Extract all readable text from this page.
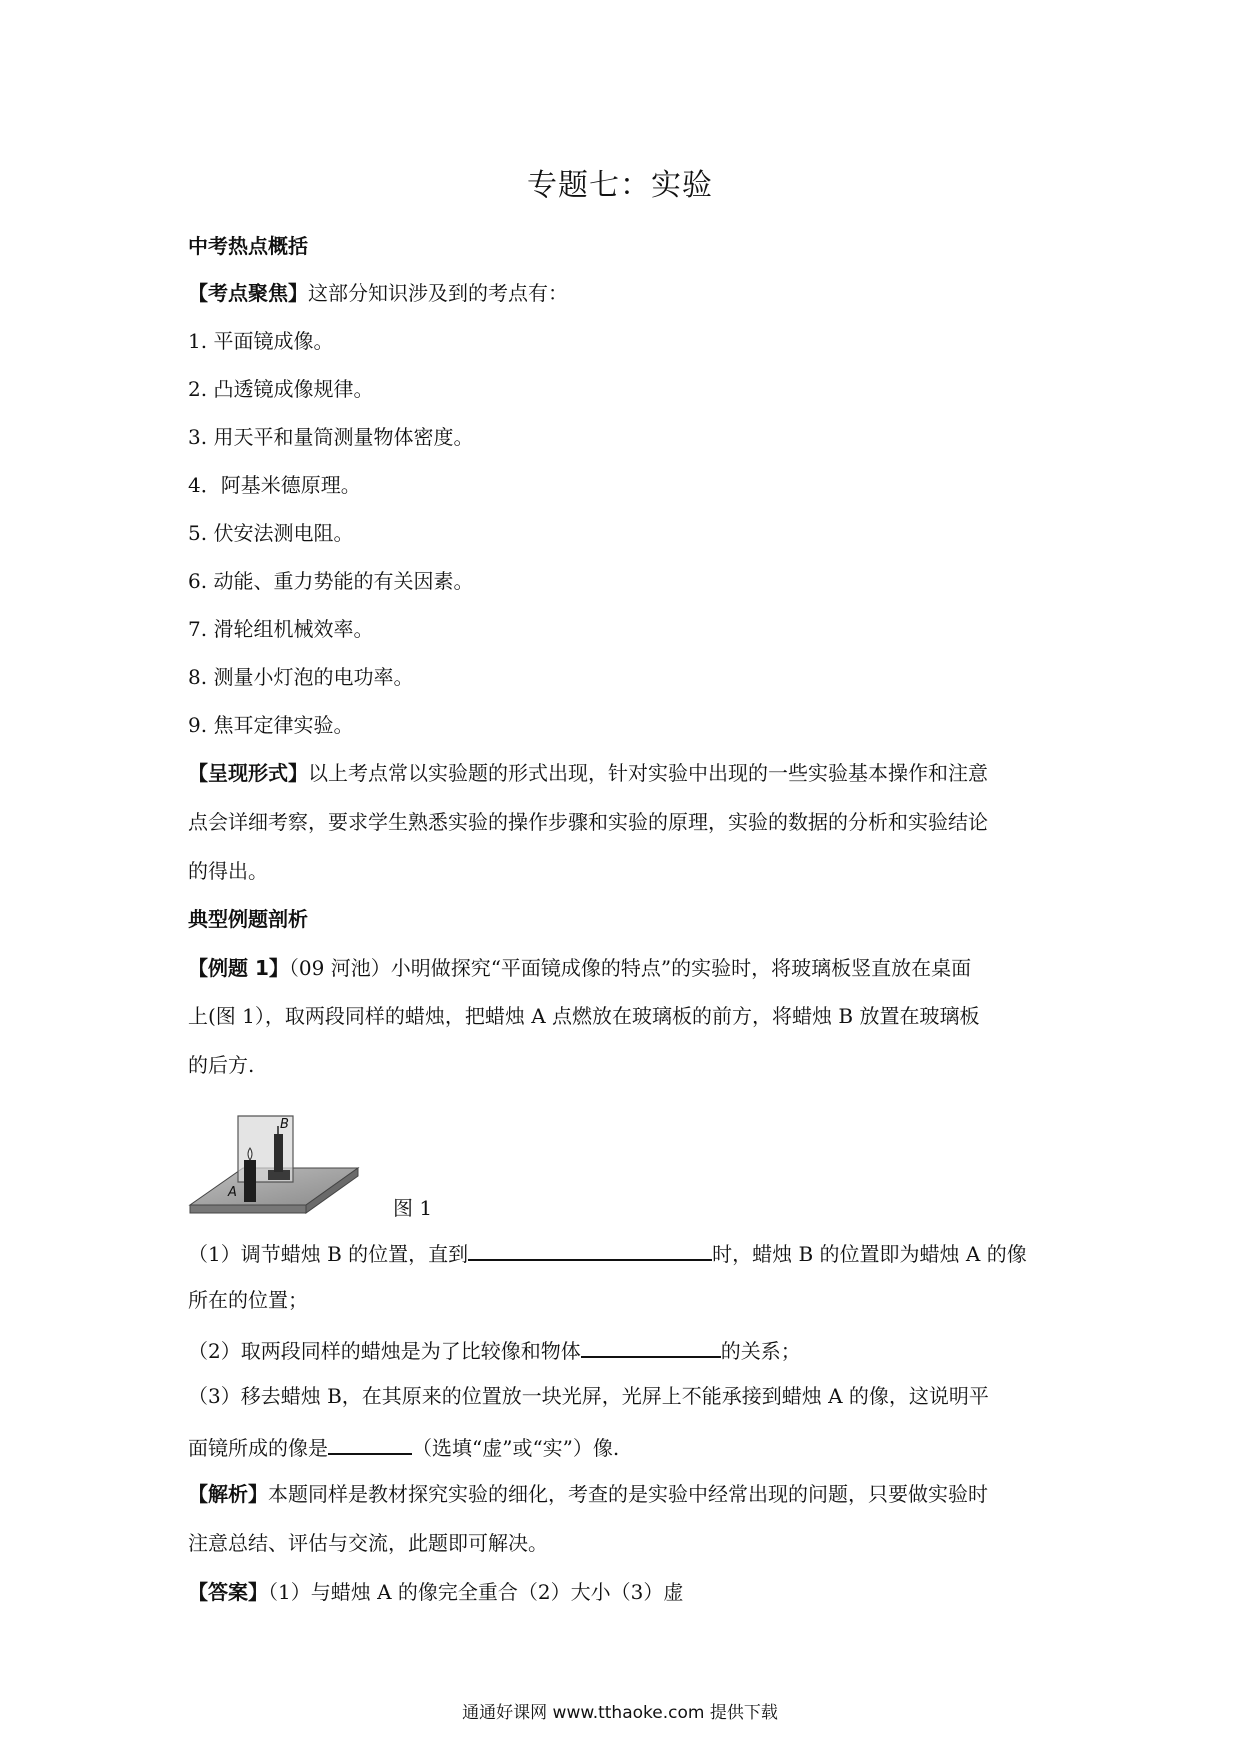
专题七：实验
中考热点概括
【考点聚焦】这部分知识涉及到的考点有：
1. 平面镜成像。
2. 凸透镜成像规律。
3. 用天平和量筒测量物体密度。
4．阿基米德原理。
5. 伏安法测电阻。
6. 动能、重力势能的有关因素。
7. 滑轮组机械效率。
8. 测量小灯泡的电功率。
9. 焦耳定律实验。
【呈现形式】以上考点常以实验题的形式出现，针对实验中出现的一些实验基本操作和注意
点会详细考察，要求学生熟悉实验的操作步骤和实验的原理，实验的数据的分析和实验结论
的得出。
典型例题剖析
【例题 1】（09 河池）小明做探究“平面镜成像的特点”的实验时，将玻璃板竖直放在桌面
上(图 1），取两段同样的蜡烛，把蜡烛 A 点燃放在玻璃板的前方，将蜡烛 B 放置在玻璃板
的后方.
B
A
图 1
（1）调节蜡烛 B 的位置，直到	时，蜡烛 B 的位置即为蜡烛 A 的像
所在的位置；
（2）取两段同样的蜡烛是为了比较像和物体	的关系；
（3）移去蜡烛 B，在其原来的位置放一块光屏，光屏上不能承接到蜡烛 A 的像，这说明平
面镜所成的像是	（选填“虚”或“实”）像.
【解析】本题同样是教材探究实验的细化，考查的是实验中经常出现的问题，只要做实验时
注意总结、评估与交流，此题即可解决。
【答案】（1）与蜡烛 A 的像完全重合（2）大小（3）虚
通通好课网 www.tthaoke.com 提供下载
